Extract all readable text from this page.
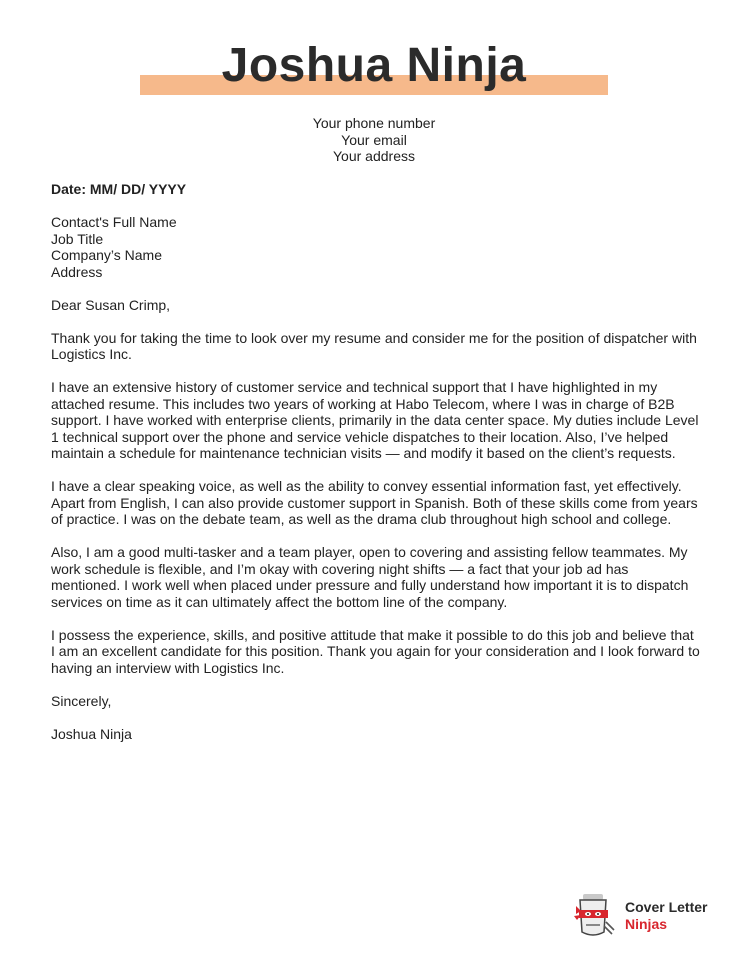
Joshua Ninja
Your phone number
Your email
Your address
Date: MM/ DD/ YYYY
Contact's Full Name
Job Title
Company’s Name
Address

Dear Susan Crimp,

Thank you for taking the time to look over my resume and consider me for the position of dispatcher with Logistics Inc.

I have an extensive history of customer service and technical support that I have highlighted in my attached resume. This includes two years of working at Habo Telecom, where I was in charge of B2B support. I have worked with enterprise clients, primarily in the data center space. My duties include Level 1 technical support over the phone and service vehicle dispatches to their location. Also, I’ve helped maintain a schedule for maintenance technician visits — and modify it based on the client’s requests.

I have a clear speaking voice, as well as the ability to convey essential information fast, yet effectively. Apart from English, I can also provide customer support in Spanish. Both of these skills come from years of practice. I was on the debate team, as well as the drama club throughout high school and college.

Also, I am a good multi-tasker and a team player, open to covering and assisting fellow teammates. My work schedule is flexible, and I’m okay with covering night shifts — a fact that your job ad has mentioned. I work well when placed under pressure and fully understand how important it is to dispatch services on time as it can ultimately affect the bottom line of the company.

I possess the experience, skills, and positive attitude that make it possible to do this job and believe that I am an excellent candidate for this position. Thank you again for your consideration and I look forward to having an interview with Logistics Inc.

Sincerely,

Joshua Ninja

Cover Letter
Ninjas
